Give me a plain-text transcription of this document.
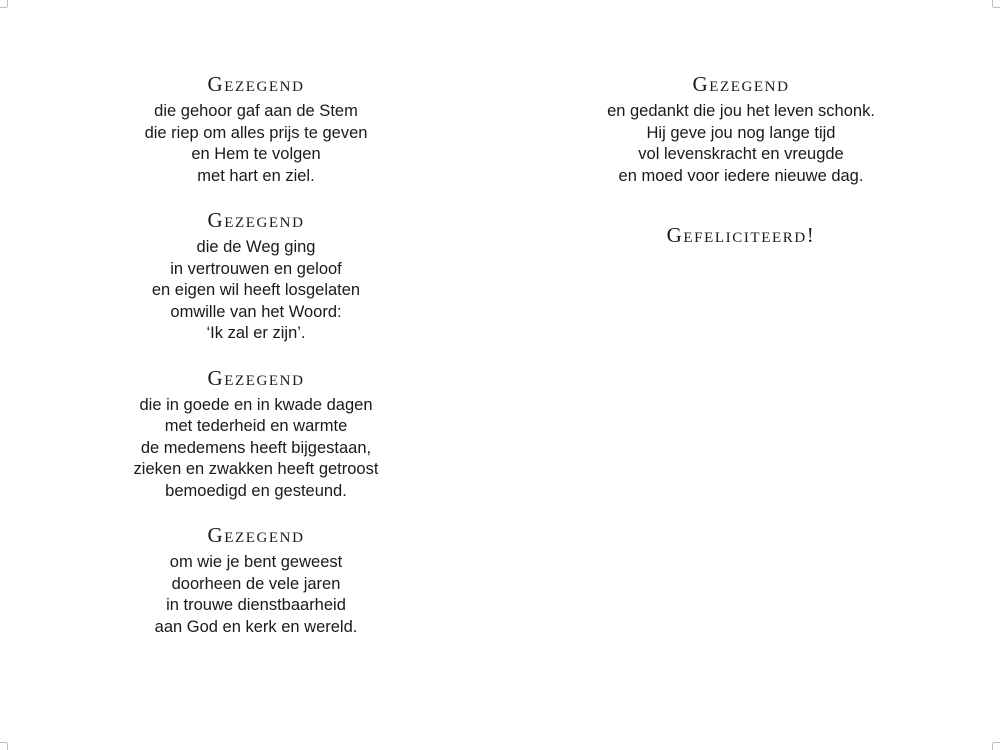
Gezegend
die gehoor gaf aan de Stem
die riep om alles prijs te geven
en Hem te volgen
met hart en ziel.
Gezegend
die de Weg ging
in vertrouwen en geloof
en eigen wil heeft losgelaten
omwille van het Woord:
‘Ik zal er zijn’.
Gezegend
die in goede en in kwade dagen
met tederheid en warmte
de medemens heeft bijgestaan,
zieken en zwakken heeft getroost
bemoedigd en gesteund.
Gezegend
om wie je bent geweest
doorheen de vele jaren
in trouwe dienstbaarheid
aan God en kerk en wereld.
Gezegend
en gedankt die jou het leven schonk.
Hij geve jou nog lange tijd
vol levenskracht en vreugde
en moed voor iedere nieuwe dag.
Gefeliciteerd!
